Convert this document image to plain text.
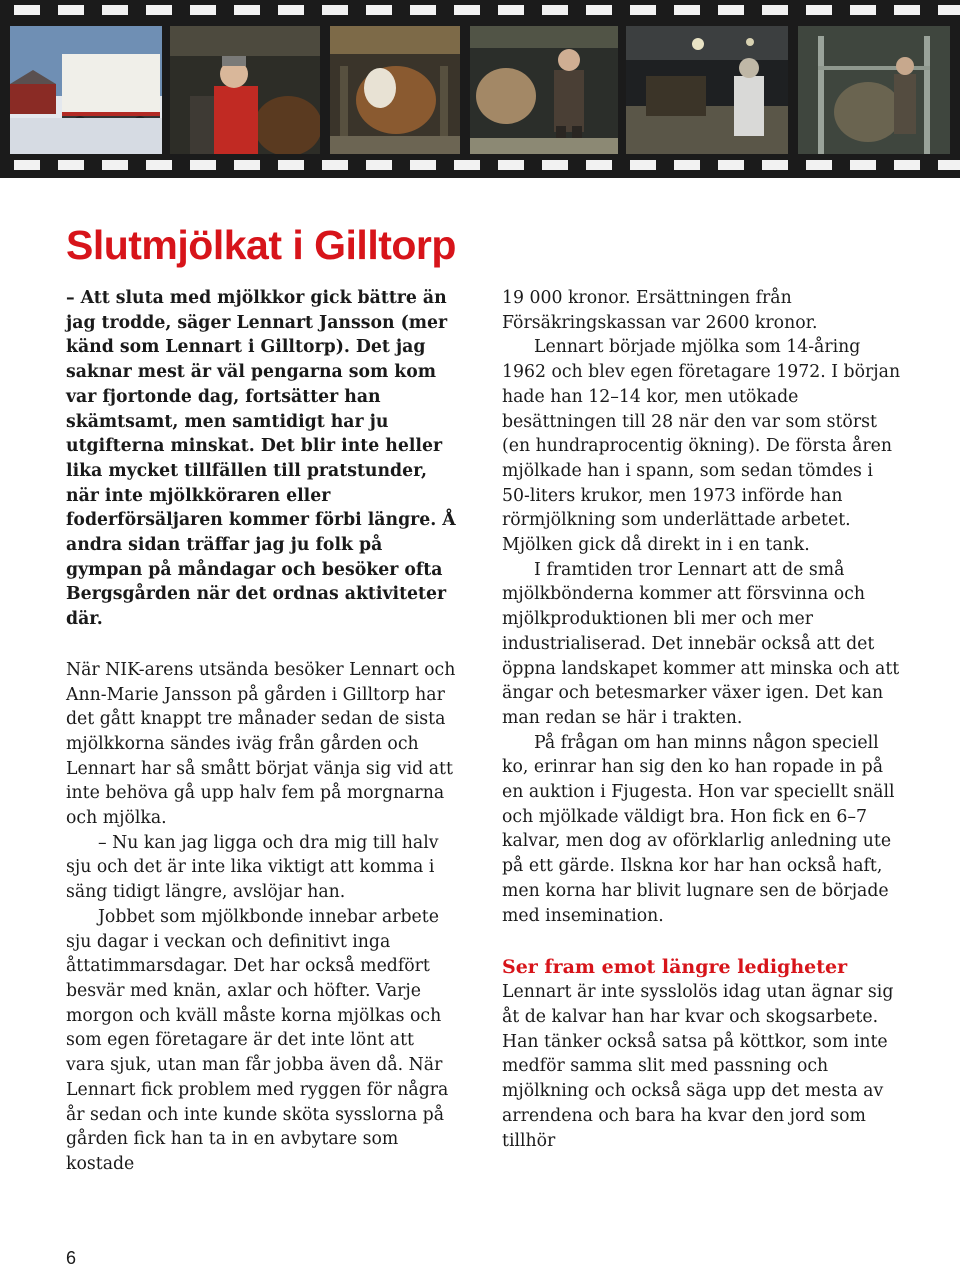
Slutmjölkat i Gilltorp

– Att sluta med mjölkkor gick bättre än jag trodde, säger Lennart Jansson (mer känd som Lennart i Gilltorp). Det jag saknar mest är väl pengarna som kom var fjortonde dag, fortsätter han skämtsamt, men samtidigt har ju utgifterna minskat. Det blir inte heller lika mycket tillfällen till pratstunder, när inte mjölkköraren eller foderförsäljaren kommer förbi längre. Å andra sidan träffar jag ju folk på gympan på måndagar och besöker ofta Bergsgården när det ordnas aktiviteter där.

När NIK-arens utsända besöker Lennart och Ann-Marie Jansson på gården i Gilltorp har det gått knappt tre månader sedan de sista mjölkkorna sändes iväg från gården och Lennart har så smått börjat vänja sig vid att inte behöva gå upp halv fem på morgnarna och mjölka.

– Nu kan jag ligga och dra mig till halv sju och det är inte lika viktigt att komma i säng tidigt längre, avslöjar han.

Jobbet som mjölkbonde innebar arbete sju dagar i veckan och definitivt inga åttatimmarsdagar. Det har också medfört besvär med knän, axlar och höfter. Varje morgon och kväll måste korna mjölkas och som egen företagare är det inte lönt att vara sjuk, utan man får jobba även då. När Lennart fick problem med ryggen för några år sedan och inte kunde sköta sysslorna på gården fick han ta in en avbytare som kostade

19 000 kronor. Ersättningen från Försäkringskassan var 2600 kronor.

Lennart började mjölka som 14-åring 1962 och blev egen företagare 1972. I början hade han 12–14 kor, men utökade besättningen till 28 när den var som störst (en hundraprocentig ökning). De första åren mjölkade han i spann, som sedan tömdes i 50-liters krukor, men 1973 införde han rörmjölkning som underlättade arbetet. Mjölken gick då direkt in i en tank.

I framtiden tror Lennart att de små mjölkbönderna kommer att försvinna och mjölkproduktionen bli mer och mer industrialiserad. Det innebär också att det öppna landskapet kommer att minska och att ängar och betesmarker växer igen. Det kan man redan se här i trakten.

På frågan om han minns någon speciell ko, erinrar han sig den ko han ropade in på en auktion i Fjugesta. Hon var speciellt snäll och mjölkade väldigt bra. Hon fick en 6–7 kalvar, men dog av oförklarlig anledning ute på ett gärde. Ilskna kor har han också haft, men korna har blivit lugnare sen de började med insemination.

Ser fram emot längre ledigheter

Lennart är inte sysslolös idag utan ägnar sig åt de kalvar han har kvar och skogsarbete. Han tänker också satsa på köttkor, som inte medför samma slit med passning och mjölkning och också säga upp det mesta av arrendena och bara ha kvar den jord som tillhör

6
